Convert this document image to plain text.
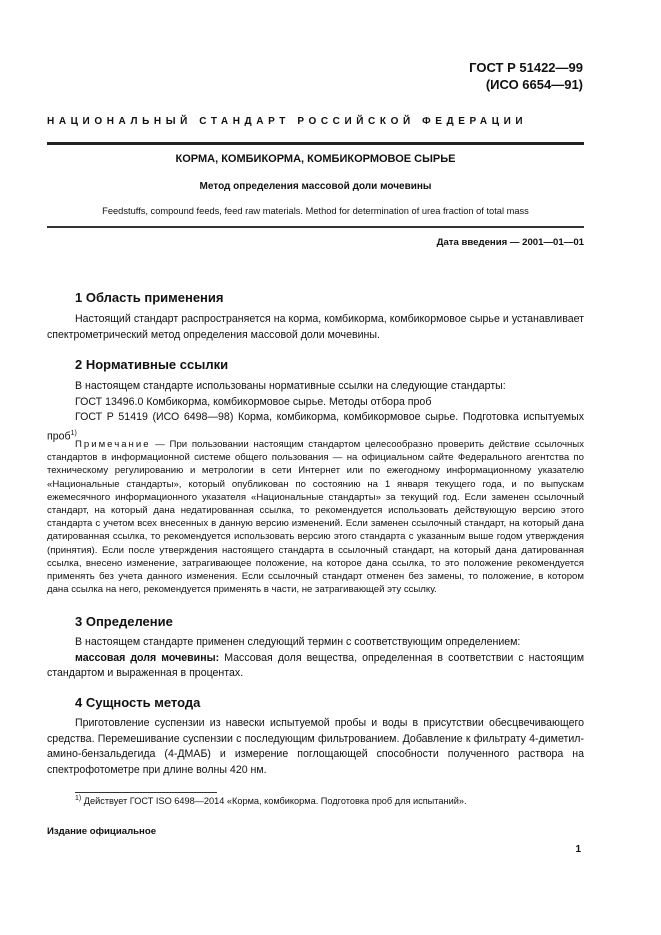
ГОСТ Р 51422—99
(ИСО 6654—91)
НАЦИОНАЛЬНЫЙ СТАНДАРТ РОССИЙСКОЙ ФЕДЕРАЦИИ
КОРМА, КОМБИКОРМА, КОМБИКОРМОВОЕ СЫРЬЕ
Метод определения массовой доли мочевины
Feedstuffs, compound feeds, feed raw materials. Method for determination of urea fraction of total mass
Дата введения — 2001—01—01
1 Область применения

Настоящий стандарт распространяется на корма, комбикорма, комбикормовое сырье и устанавливает спектрометрический метод определения массовой доли мочевины.

2 Нормативные ссылки

В настоящем стандарте использованы нормативные ссылки на следующие стандарты:

ГОСТ 13496.0 Комбикорма, комбикормовое сырье. Методы отбора проб

ГОСТ Р 51419 (ИСО 6498—98) Корма, комбикорма, комбикормовое сырье. Подготовка испытуемых проб$^{1)}$

Примечание — При пользовании настоящим стандартом целесообразно проверить действие ссылочных стандартов в информационной системе общего пользования — на официальном сайте Федерального агентства по техническому регулированию и метрологии в сети Интернет или по ежегодному информационному указателю «Национальные стандарты», который опубликован по состоянию на 1 января текущего года, и по выпускам ежемесячного информационного указателя «Национальные стандарты» за текущий год. Если заменен ссылочный стандарт, на который дана недатированная ссылка, то рекомендуется использовать действующую версию этого стандарта с учетом всех внесенных в данную версию изменений. Если заменен ссылочный стандарт, на который дана датированная ссылка, то рекомендуется использовать версию этого стандарта с указанным выше годом утверждения (принятия). Если после утверждения настоящего стандарта в ссылочный стандарт, на который дана датированная ссылка, внесено изменение, затрагивающее положение, на которое дана ссылка, то это положение рекомендуется применять без учета данного изменения. Если ссылочный стандарт отменен без замены, то положение, в котором дана ссылка на него, рекомендуется применять в части, не затрагивающей эту ссылку.

3 Определение

В настоящем стандарте применен следующий термин с соответствующим определением:

массовая доля мочевины: Массовая доля вещества, определенная в соответствии с настоящим стандартом и выраженная в процентах.

4 Сущность метода

Приготовление суспензии из навески испытуемой пробы и воды в присутствии обесцвечивающего средства. Перемешивание суспензии с последующим фильтрованием. Добавление к фильтрату 4-диметил-амино-бензальдегида (4-ДМАБ) и измерение поглощающей способности полученного раствора на спектрофотометре при длине волны 420 нм.

$^{1)}$ Действует ГОСТ ISO 6498—2014 «Корма, комбикорма. Подготовка проб для испытаний».
Издание официальное
1
